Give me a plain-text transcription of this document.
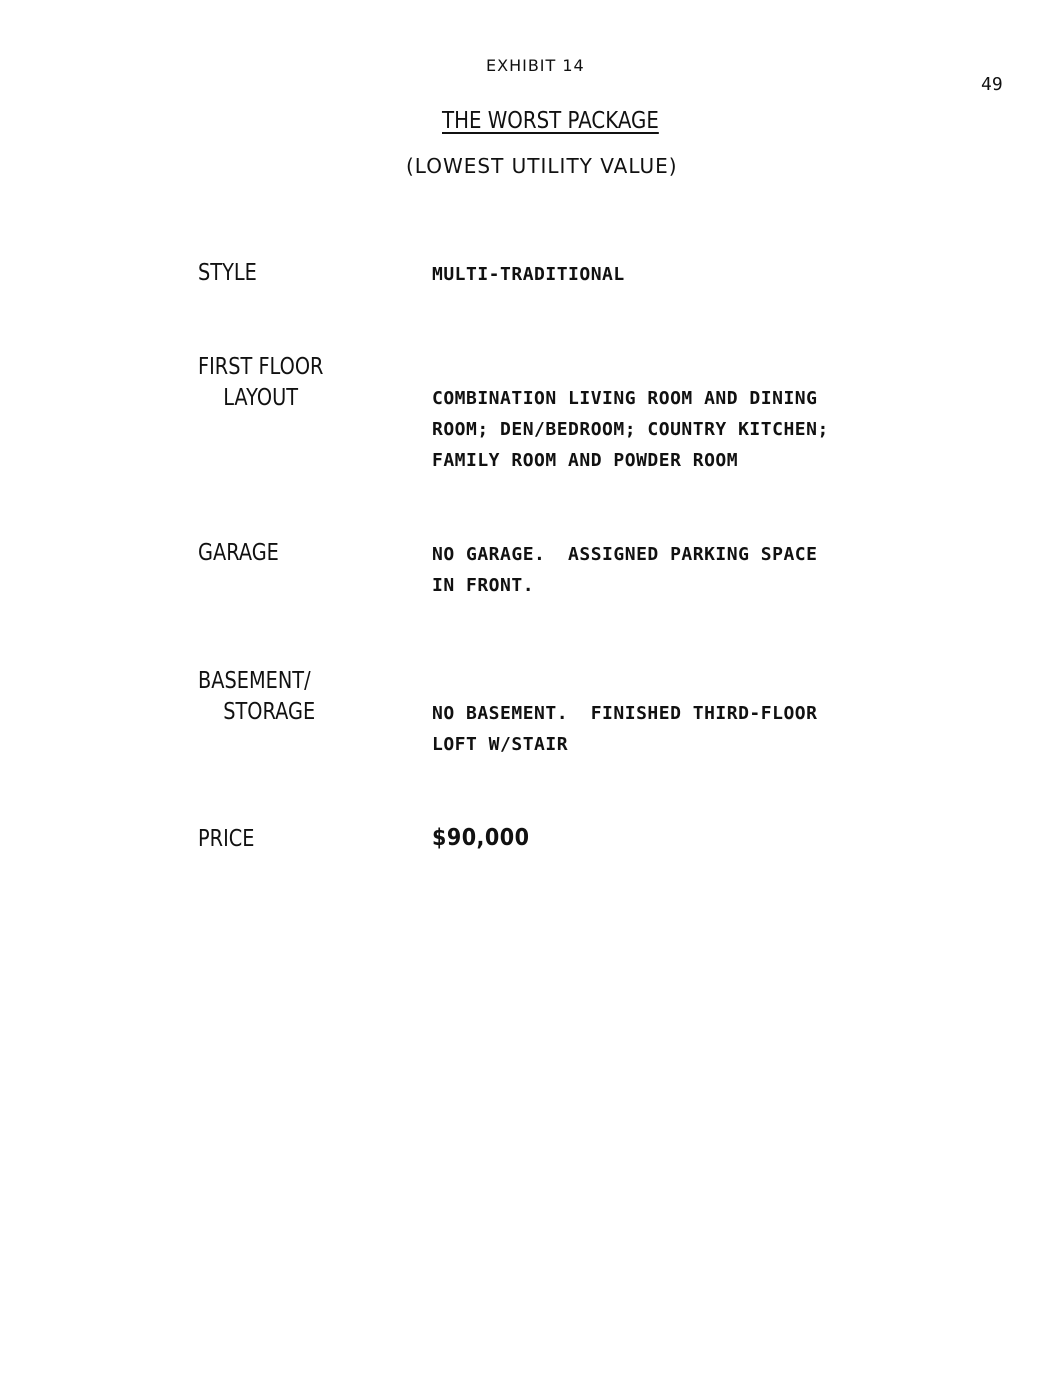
EXHIBIT 14
49
THE WORST PACKAGE
(LOWEST UTILITY VALUE)
STYLE	MULTI-TRADITIONAL
FIRST FLOOR
LAYOUT	COMBINATION LIVING ROOM AND DINING
ROOM; DEN/BEDROOM; COUNTRY KITCHEN;
FAMILY ROOM AND POWDER ROOM
GARAGE	NO GARAGE.  ASSIGNED PARKING SPACE
IN FRONT.
BASEMENT/
STORAGE	NO BASEMENT.  FINISHED THIRD-FLOOR
LOFT W/STAIR
PRICE	$90,000
